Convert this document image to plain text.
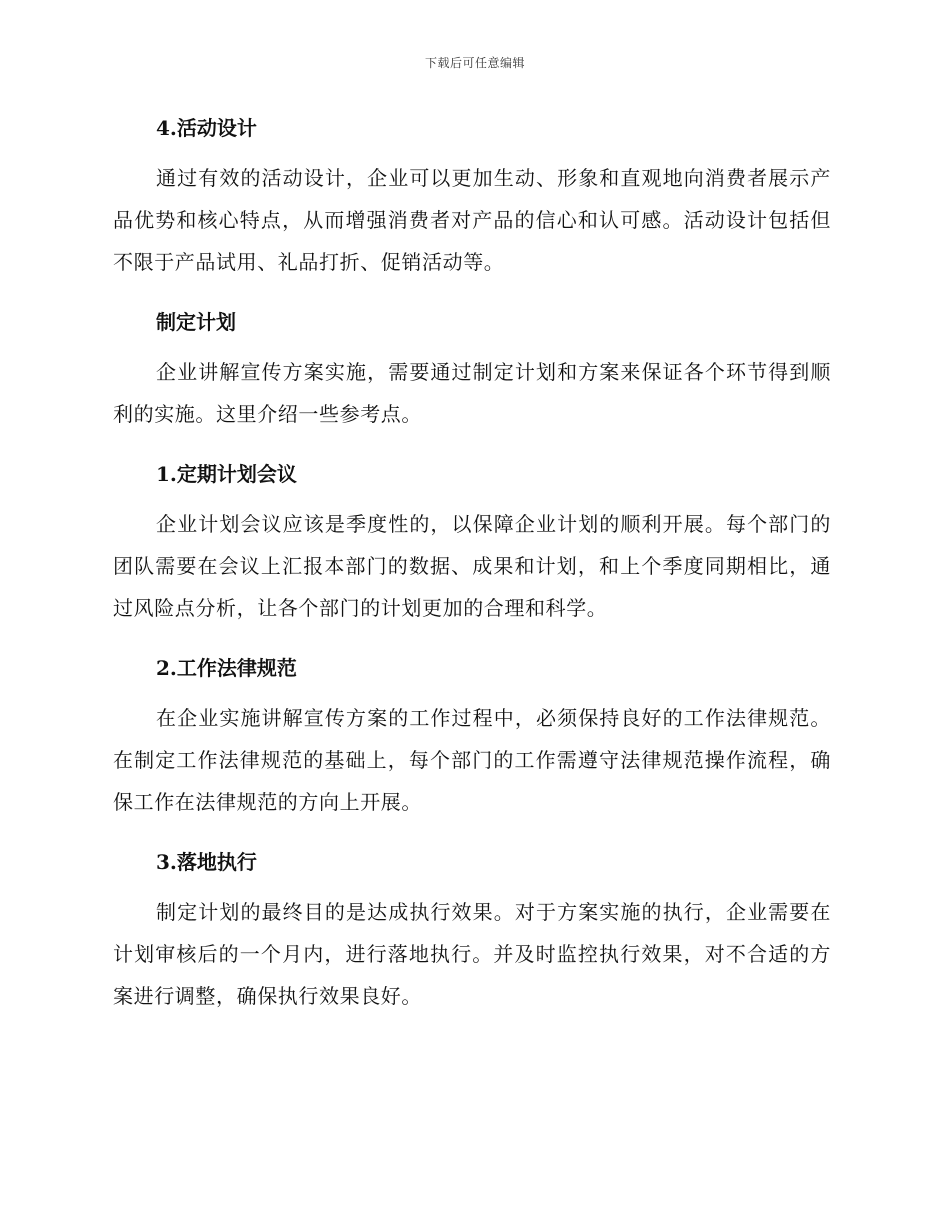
下载后可任意编辑
4.活动设计

通过有效的活动设计，企业可以更加生动、形象和直观地向消费者展示产品优势和核心特点，从而增强消费者对产品的信心和认可感。活动设计包括但不限于产品试用、礼品打折、促销活动等。

制定计划

企业讲解宣传方案实施，需要通过制定计划和方案来保证各个环节得到顺利的实施。这里介绍一些参考点。

1.定期计划会议

企业计划会议应该是季度性的，以保障企业计划的顺利开展。每个部门的团队需要在会议上汇报本部门的数据、成果和计划，和上个季度同期相比，通过风险点分析，让各个部门的计划更加的合理和科学。

2.工作法律规范

在企业实施讲解宣传方案的工作过程中，必须保持良好的工作法律规范。在制定工作法律规范的基础上，每个部门的工作需遵守法律规范操作流程，确保工作在法律规范的方向上开展。

3.落地执行

制定计划的最终目的是达成执行效果。对于方案实施的执行，企业需要在计划审核后的一个月内，进行落地执行。并及时监控执行效果，对不合适的方案进行调整，确保执行效果良好。
